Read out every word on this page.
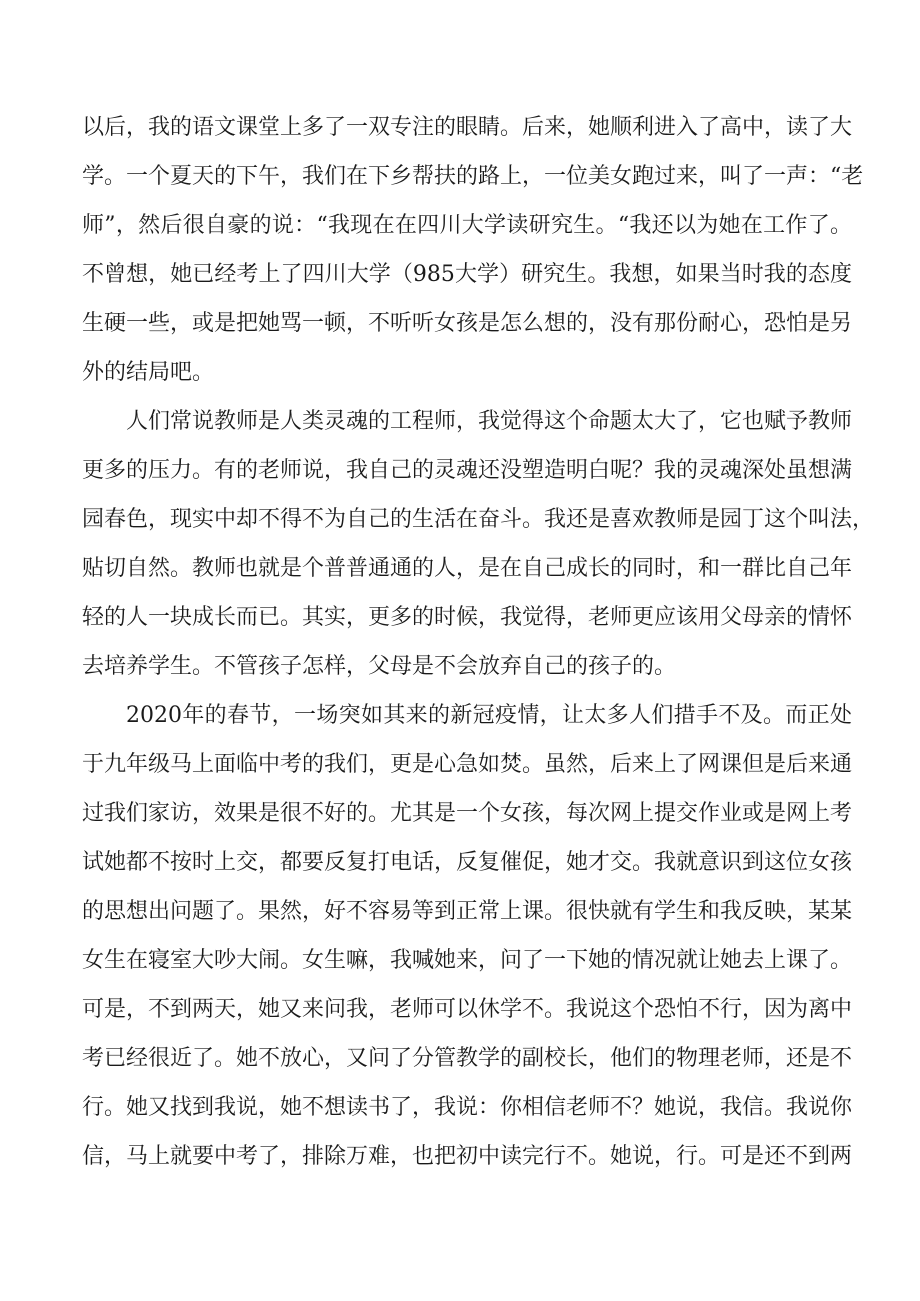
以后，我的语文课堂上多了一双专注的眼睛。后来，她顺利进入了高中，读了大
学。一个夏天的下午，我们在下乡帮扶的路上，一位美女跑过来，叫了一声：“老
师”，然后很自豪的说：“我现在在四川大学读研究生。“我还以为她在工作了。
不曾想，她已经考上了四川大学（985大学）研究生。我想，如果当时我的态度
生硬一些，或是把她骂一顿，不听听女孩是怎么想的，没有那份耐心，恐怕是另
外的结局吧。
人们常说教师是人类灵魂的工程师，我觉得这个命题太大了，它也赋予教师
更多的压力。有的老师说，我自己的灵魂还没塑造明白呢？我的灵魂深处虽想满
园春色，现实中却不得不为自己的生活在奋斗。我还是喜欢教师是园丁这个叫法，
贴切自然。教师也就是个普普通通的人，是在自己成长的同时，和一群比自己年
轻的人一块成长而已。其实，更多的时候，我觉得，老师更应该用父母亲的情怀
去培养学生。不管孩子怎样，父母是不会放弃自己的孩子的。
2020年的春节，一场突如其来的新冠疫情，让太多人们措手不及。而正处
于九年级马上面临中考的我们，更是心急如焚。虽然，后来上了网课但是后来通
过我们家访，效果是很不好的。尤其是一个女孩，每次网上提交作业或是网上考
试她都不按时上交，都要反复打电话，反复催促，她才交。我就意识到这位女孩
的思想出问题了。果然，好不容易等到正常上课。很快就有学生和我反映，某某
女生在寝室大吵大闹。女生嘛，我喊她来，问了一下她的情况就让她去上课了。
可是，不到两天，她又来问我，老师可以休学不。我说这个恐怕不行，因为离中
考已经很近了。她不放心，又问了分管教学的副校长，他们的物理老师，还是不
行。她又找到我说，她不想读书了，我说：你相信老师不？她说，我信。我说你
信，马上就要中考了，排除万难，也把初中读完行不。她说，行。可是还不到两
